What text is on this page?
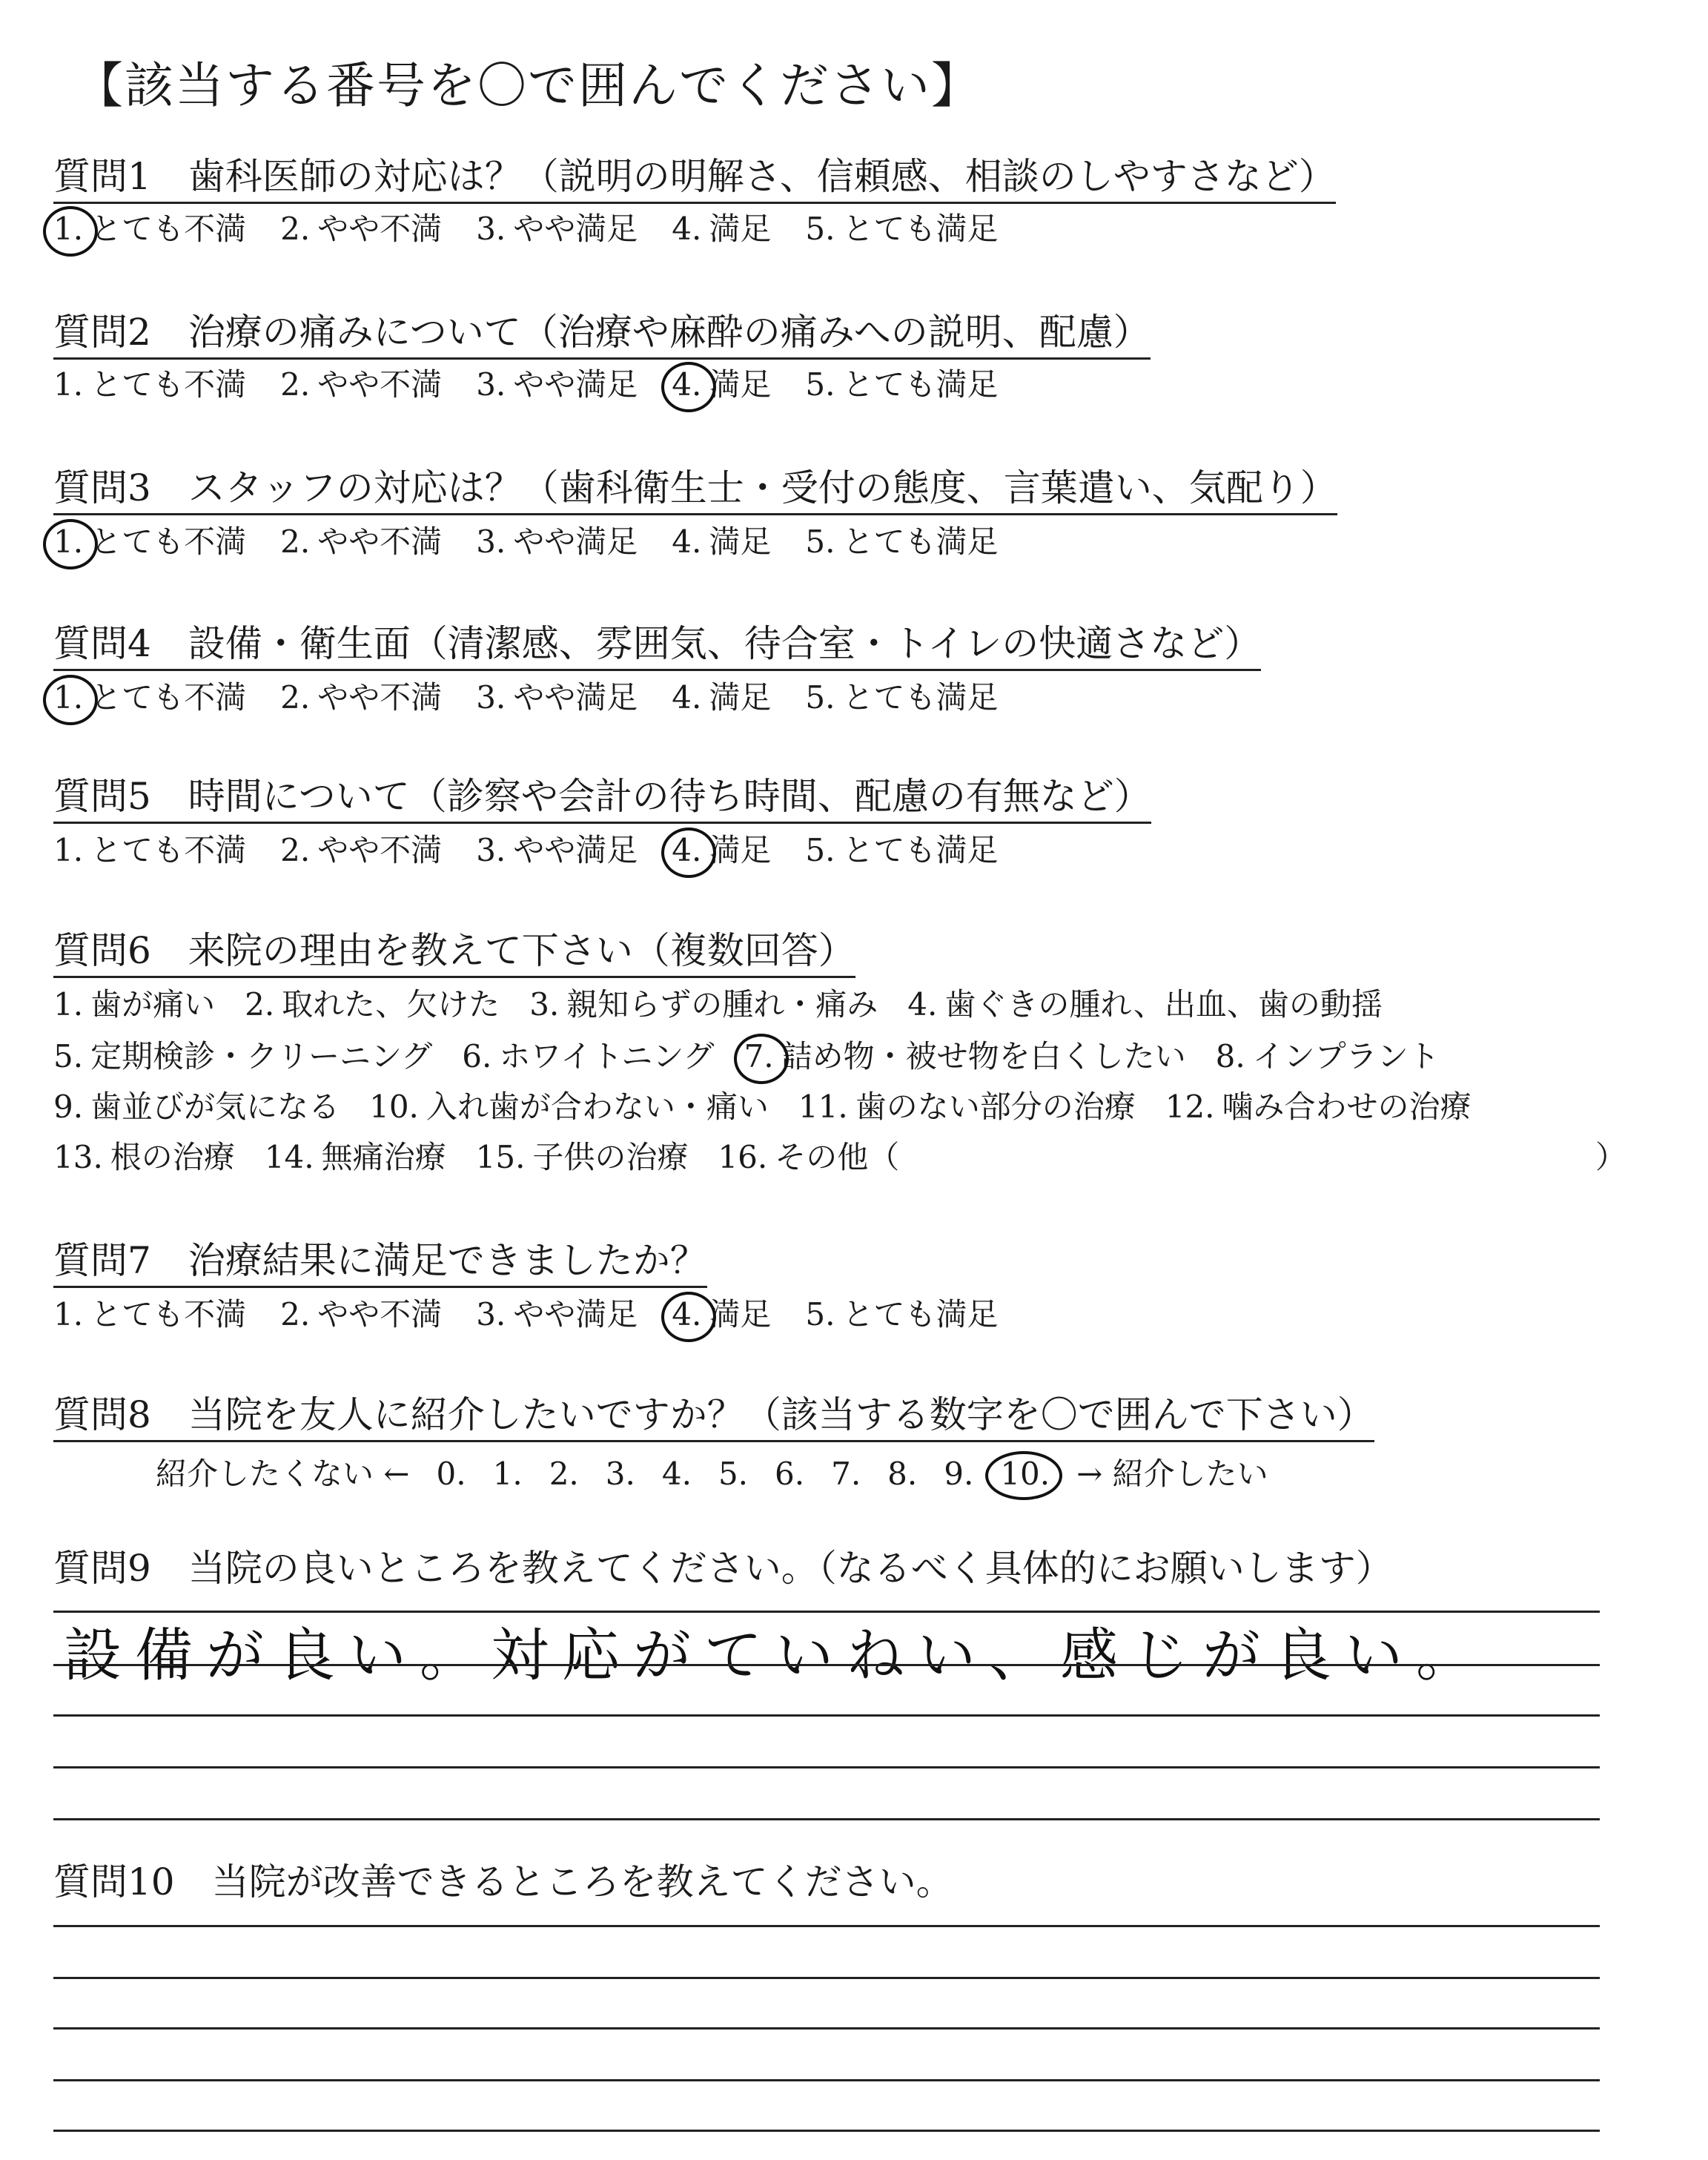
【該当する番号を〇で囲んでください】
質問1　歯科医師の対応は？（説明の明解さ、信頼感、相談のしやすさなど）
1. とても不満 2. やや不満 3. やや満足 4. 満足 5. とても満足
質問2　治療の痛みについて（治療や麻酔の痛みへの説明、配慮）
1. とても不満 2. やや不満 3. やや満足 4. 満足 5. とても満足
質問3　スタッフの対応は？（歯科衛生士・受付の態度、言葉遣い、気配り）
1. とても不満 2. やや不満 3. やや満足 4. 満足 5. とても満足
質問4　設備・衛生面（清潔感、雰囲気、待合室・トイレの快適さなど）
1. とても不満 2. やや不満 3. やや満足 4. 満足 5. とても満足
質問5　時間について（診察や会計の待ち時間、配慮の有無など）
1. とても不満 2. やや不満 3. やや満足 4. 満足 5. とても満足
質問6　来院の理由を教えて下さい（複数回答）
1. 歯が痛い 2. 取れた、欠けた 3. 親知らずの腫れ・痛み 4. 歯ぐきの腫れ、出血、歯の動揺
5. 定期検診・クリーニング 6. ホワイトニング 7. 詰め物・被せ物を白くしたい 8. インプラント
9. 歯並びが気になる 10. 入れ歯が合わない・痛い 11. 歯のない部分の治療 12. 噛み合わせの治療
13. 根の治療 14. 無痛治療 15. 子供の治療 16. その他（	）
質問7　治療結果に満足できましたか？
1. とても不満 2. やや不満 3. やや満足 4. 満足 5. とても満足
質問8　当院を友人に紹介したいですか？（該当する数字を〇で囲んで下さい）
紹介したくない ← 0. 1. 2. 3. 4. 5. 6. 7. 8. 9. 10. → 紹介したい
質問9　当院の良いところを教えてください。（なるべく具体的にお願いします）
設備が良い。対応がていねい、感じが良い。
質問10　当院が改善できるところを教えてください。
